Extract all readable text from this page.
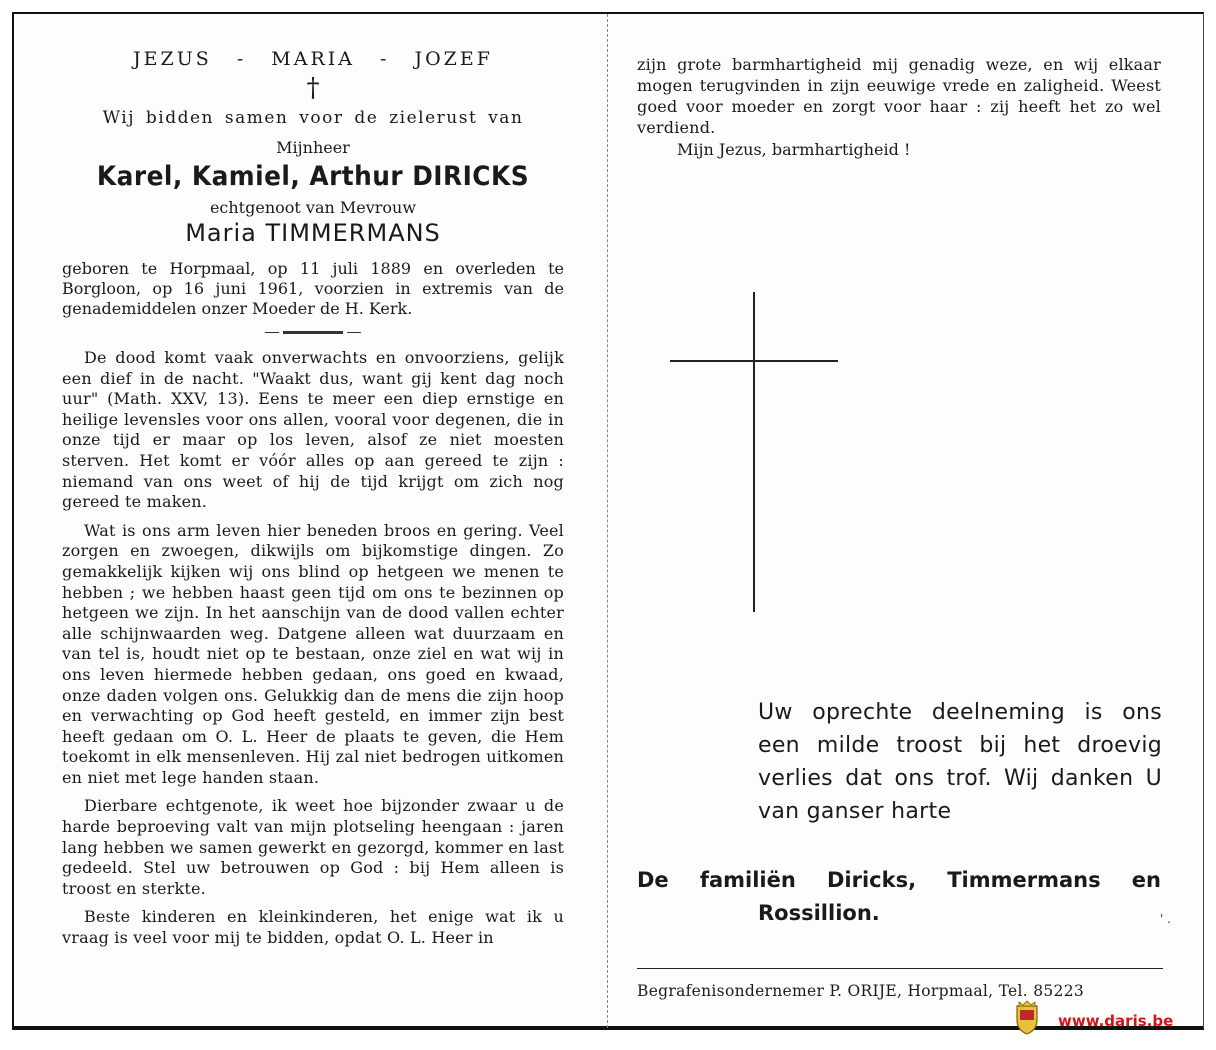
JEZUS - MARIA - JOZEF
†
Wij bidden samen voor de zielerust van
Mijnheer
Karel, Kamiel, Arthur DIRICKS
echtgenoot van Mevrouw
Maria TIMMERMANS
geboren te Horpmaal, op 11 juli 1889 en overleden te Borgloon, op 16 juni 1961, voorzien in extremis van de genademiddelen onzer Moeder de H. Kerk.

De dood komt vaak onverwachts en onvoorziens, gelijk een dief in de nacht. "Waakt dus, want gij kent dag noch uur" (Math. XXV, 13). Eens te meer een diep ernstige en heilige levensles voor ons allen, vooral voor degenen, die in onze tijd er maar op los leven, alsof ze niet moesten sterven. Het komt er vóór alles op aan gereed te zijn : niemand van ons weet of hij de tijd krijgt om zich nog gereed te maken.

Wat is ons arm leven hier beneden broos en gering. Veel zorgen en zwoegen, dikwijls om bijkomstige dingen. Zo gemakkelijk kijken wij ons blind op hetgeen we menen te hebben ; we hebben haast geen tijd om ons te bezinnen op hetgeen we zijn. In het aanschijn van de dood vallen echter alle schijnwaarden weg. Datgene alleen wat duurzaam en van tel is, houdt niet op te bestaan, onze ziel en wat wij in ons leven hiermede hebben gedaan, ons goed en kwaad, onze daden volgen ons. Gelukkig dan de mens die zijn hoop en verwachting op God heeft gesteld, en immer zijn best heeft gedaan om O. L. Heer de plaats te geven, die Hem toekomt in elk mensenleven. Hij zal niet bedrogen uitkomen en niet met lege handen staan.

Dierbare echtgenote, ik weet hoe bijzonder zwaar u de harde beproeving valt van mijn plotseling heengaan : jaren lang hebben we samen gewerkt en gezorgd, kommer en last gedeeld. Stel uw betrouwen op God : bij Hem alleen is troost en sterkte.

Beste kinderen en kleinkinderen, het enige wat ik u vraag is veel voor mij te bidden, opdat O. L. Heer in

zijn grote barmhartigheid mij genadig weze, en wij elkaar mogen terugvinden in zijn eeuwige vrede en zaligheid. Weest goed voor moeder en zorgt voor haar : zij heeft het zo wel verdiend.

Mijn Jezus, barmhartigheid !
Uw oprechte deelneming is ons een milde troost bij het droevig verlies dat ons trof. Wij danken U van ganser harte
De familiën Diricks, Timmermans en
Rossillion.	' .
Begrafenisondernemer P. ORIJE, Horpmaal, Tel. 85223
www.daris.be
